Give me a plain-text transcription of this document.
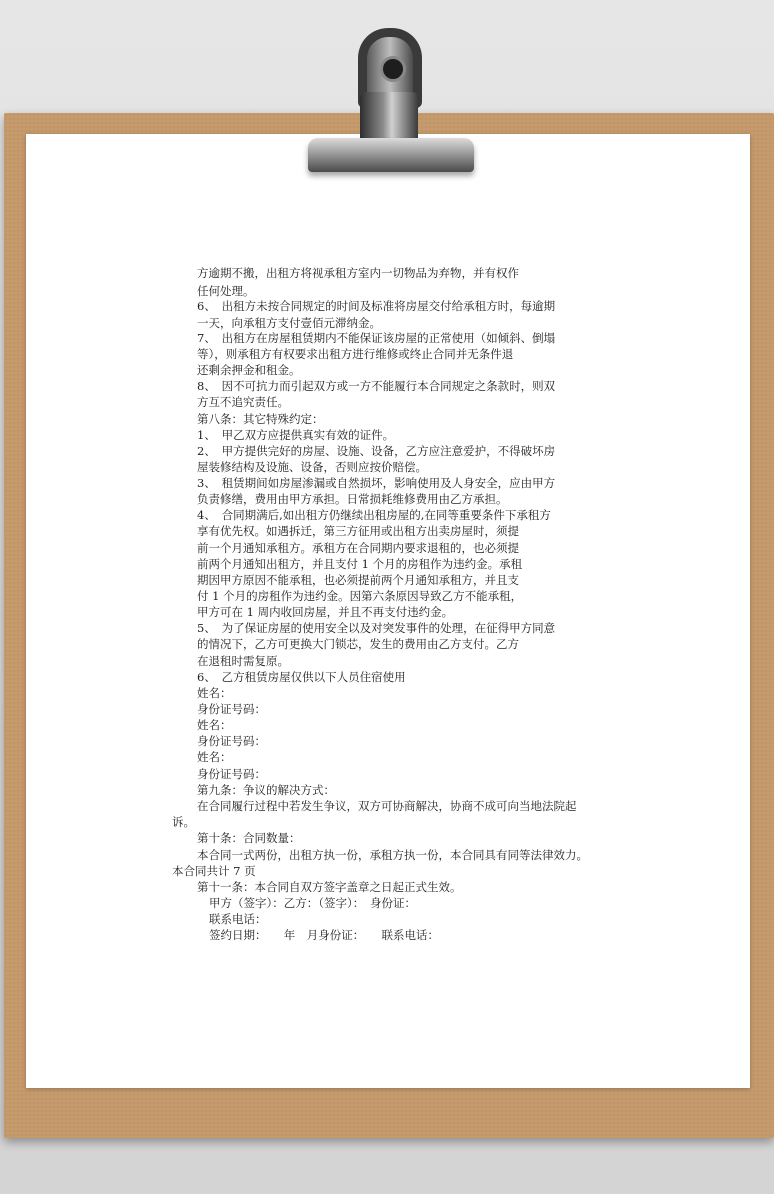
方逾期不搬，出租方将视承租方室内一切物品为弃物，并有权作
任何处理。
6、　出租方未按合同规定的时间及标准将房屋交付给承租方时，每逾期
一天，向承租方支付壹佰元滞纳金。
7、　出租方在房屋租赁期内不能保证该房屋的正常使用（如倾斜、倒塌
等），则承租方有权要求出租方进行维修或终止合同并无条件退
还剩余押金和租金。
8、　因不可抗力而引起双方或一方不能履行本合同规定之条款时，则双
方互不追究责任。
第八条：其它特殊约定：
1、　甲乙双方应提供真实有效的证件。
2、　甲方提供完好的房屋、设施、设备，乙方应注意爱护，不得破坏房
屋装修结构及设施、设备，否则应按价赔偿。
3、　租赁期间如房屋渗漏或自然损坏，影响使用及人身安全，应由甲方
负责修缮，费用由甲方承担。日常损耗维修费用由乙方承担。
4、　合同期满后,如出租方仍继续出租房屋的,在同等重要条件下承租方
享有优先权。如遇拆迁，第三方征用或出租方出卖房屋时，须提
前一个月通知承租方。承租方在合同期内要求退租的，也必须提
前两个月通知出租方，并且支付 1 个月的房租作为违约金。承租
期因甲方原因不能承租，也必须提前两个月通知承租方，并且支
付 1 个月的房租作为违约金。因第六条原因导致乙方不能承租，
甲方可在 1 周内收回房屋，并且不再支付违约金。
5、　为了保证房屋的使用安全以及对突发事件的处理，在征得甲方同意
的情况下，乙方可更换大门锁芯，发生的费用由乙方支付。乙方
在退租时需复原。
6、　乙方租赁房屋仅供以下人员住宿使用
姓名：
身份证号码：
姓名：
身份证号码：
姓名：
身份证号码：
第九条：争议的解决方式：
在合同履行过程中若发生争议，双方可协商解决，协商不成可向当地法院起
诉。
第十条：合同数量：
本合同一式两份，出租方执一份，承租方执一份，本合同具有同等法律效力。
本合同共计 7 页
第十一条：本合同自双方签字盖章之日起正式生效。
甲方（签字）：乙方：（签字）：　身份证：
联系电话：
签约日期：　　年　月身份证：　　联系电话：
